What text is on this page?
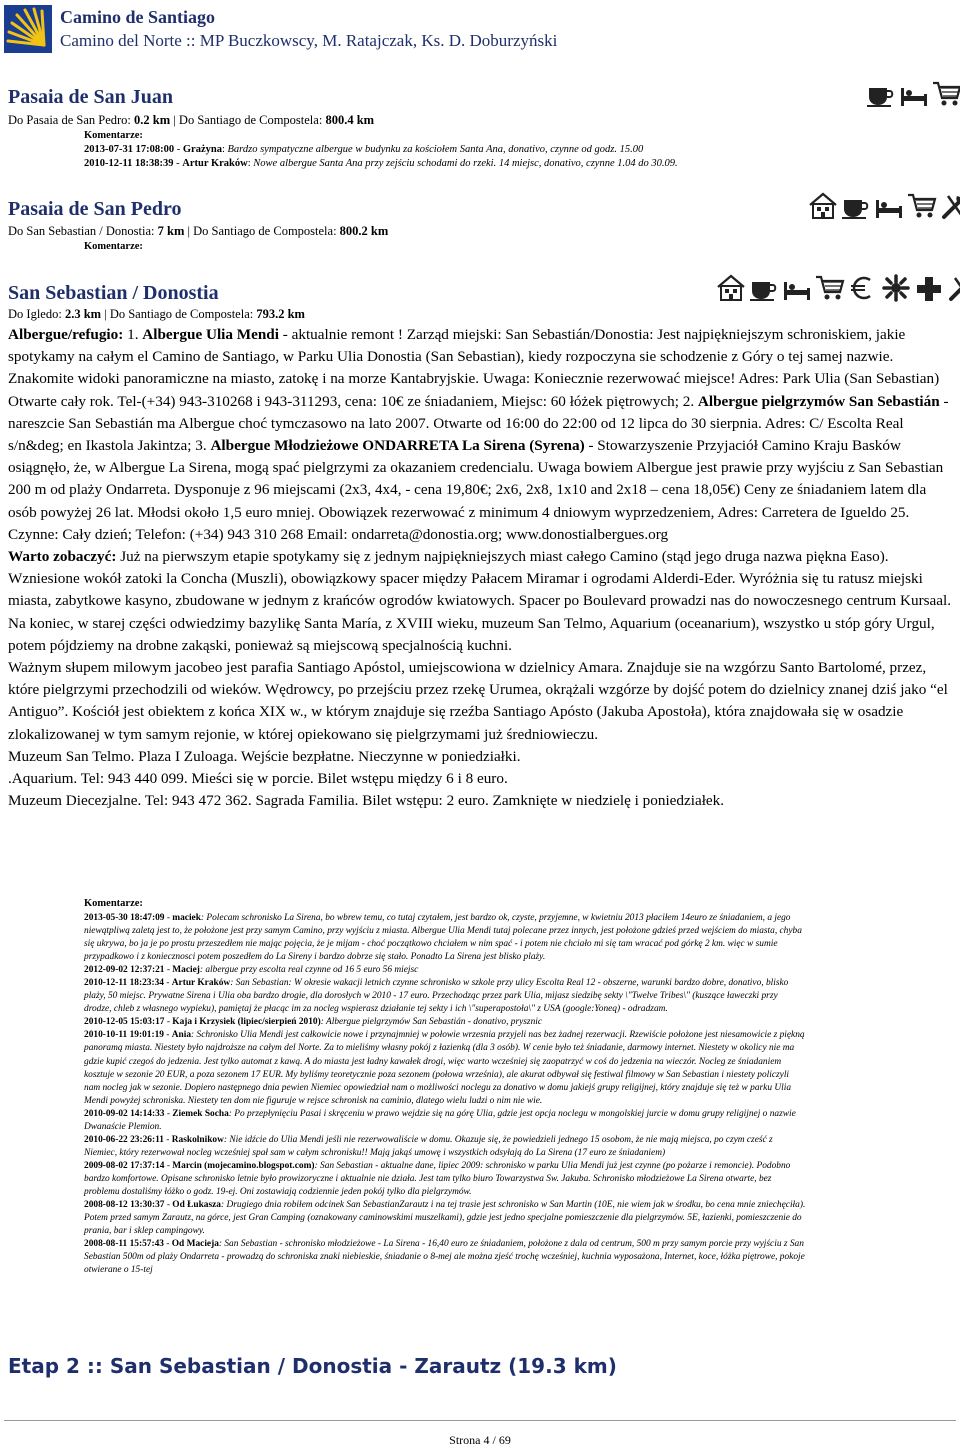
Camino de Santiago
Camino del Norte :: MP Buczkowscy, M. Ratajczak, Ks. D. Doburzyński
Pasaia de San Juan
Do Pasaia de San Pedro: 0.2 km | Do Santiago de Compostela: 800.4 km
Komentarze:
2013-07-31 17:08:00 - Grażyna: Bardzo sympatyczne albergue w budynku za kościołem Santa Ana, donativo, czynne od godz. 15.00
2010-12-11 18:38:39 - Artur Kraków: Nowe albergue Santa Ana przy zejściu schodami do rzeki. 14 miejsc, donativo, czynne 1.04 do 30.09.
Pasaia de San Pedro
Do San Sebastian / Donostia: 7 km | Do Santiago de Compostela: 800.2 km
Komentarze:
San Sebastian / Donostia
Do Igledo: 2.3 km | Do Santiago de Compostela: 793.2 km

Albergue/refugio: 1. Albergue Ulia Mendi - aktualnie remont ! Zarząd miejski: San Sebastián/Donostia: Jest najpiękniejszym schroniskiem, jakie spotykamy na całym el Camino de Santiago, w Parku Ulia Donostia (San Sebastian), kiedy rozpoczyna sie schodzenie z Góry o tej samej nazwie. Znakomite widoki panoramiczne na miasto, zatokę i na morze Kantabryjskie. Uwaga: Koniecznie rezerwować miejsce! Adres: Park Ulia (San Sebastian) Otwarte cały rok. Tel-(+34) 943-310268 i 943-311293, cena: 10€ ze śniadaniem, Miejsc: 60 łóżek piętrowych; 2. Albergue pielgrzymów San Sebastián - nareszcie San Sebastián ma Albergue choć tymczasowo na lato 2007. Otwarte od 16:00 do 22:00 od 12 lipca do 30 sierpnia. Adres: C/ Escolta Real s/n&deg; en Ikastola Jakintza; 3. Albergue Młodzieżowe ONDARRETA La Sirena (Syrena) - Stowarzyszenie Przyjaciół Camino Kraju Basków osiągnęło, że, w Albergue La Sirena, mogą spać pielgrzymi za okazaniem credencialu. Uwaga bowiem Albergue jest prawie przy wyjściu z San Sebastian 200 m od plaży Ondarreta. Dysponuje z 96 miejscami (2x3, 4x4, - cena 19,80€; 2x6, 2x8, 1x10 and 2x18 – cena 18,05€) Ceny ze śniadaniem latem dla osób powyżej 26 lat. Młodsi około 1,5 euro mniej. Obowiązek rezerwować z minimum 4 dniowym wyprzedzeniem, Adres: Carretera de Igueldo 25. Czynne: Cały dzień; Telefon: (+34) 943 310 268 Email: ondarreta@donostia.org; www.donostialbergues.org

Warto zobaczyć: Już na pierwszym etapie spotykamy się z jednym najpiękniejszych miast całego Camino (stąd jego druga nazwa piękna Easo). Wzniesione wokół zatoki la Concha (Muszli), obowiązkowy spacer między Pałacem Miramar i ogrodami Alderdi-Eder. Wyróżnia się tu ratusz miejski miasta, zabytkowe kasyno, zbudowane w jednym z krańców ogrodów kwiatowych. Spacer po Boulevard prowadzi nas do nowoczesnego centrum Kursaal. Na koniec, w starej części odwiedzimy bazylikę Santa María, z XVIII wieku, muzeum San Telmo, Aquarium (oceanarium), wszystko u stóp góry Urgul, potem pójdziemy na drobne zakąski, ponieważ są miejscową specjalnością kuchni.

Ważnym słupem milowym jacobeo jest parafia Santiago Apóstol, umiejscowiona w dzielnicy Amara. Znajduje sie na wzgórzu Santo Bartolomé, przez, które pielgrzymi przechodzili od wieków. Wędrowcy, po przejściu przez rzekę Urumea, okrążali wzgórze by dojść potem do dzielnicy znanej dziś jako “el Antiguo”. Kościół jest obiektem z końca XIX w., w którym znajduje się rzeźba Santiago Apósto (Jakuba Apostoła), która znajdowała się w osadzie zlokalizowanej w tym samym rejonie, w której opiekowano się pielgrzymami już średniowieczu.

Muzeum San Telmo. Plaza I Zuloaga. Wejście bezpłatne. Nieczynne w poniedziałki.

.Aquarium. Tel: 943 440 099. Mieści się w porcie. Bilet wstępu między 6 i 8 euro.

Muzeum Diecezjalne. Tel: 943 472 362. Sagrada Familia. Bilet wstępu: 2 euro. Zamknięte w niedzielę i poniedziałek.

Komentarze:

2013-05-30 18:47:09 - maciek: Polecam schronisko La Sirena, bo wbrew temu, co tutaj czytałem, jest bardzo ok, czyste, przyjemne, w kwietniu 2013 płaciłem 14euro ze śniadaniem, a jego niewątpliwą zaletą jest to, że położone jest przy samym Camino, przy wyjściu z miasta. Albergue Ulia Mendi tutaj polecane przez innych, jest położone gdzieś przed wejściem do miasta, chyba się ukrywa, bo ja je po prostu przeszedłem nie mając pojęcia, że je mijam - choć początkowo chciałem w nim spać - i potem nie chciało mi się tam wracać pod górkę 2 km. więc w sumie przypadkowo i z koniecznosci potem poszedłem do La Sireny i bardzo dobrze się stało. Ponadto La Sirena jest blisko plaży.

2012-09-02 12:37:21 - Maciej: albergue przy escolta real czynne od 16 5 euro 56 miejsc

2010-12-11 18:23:34 - Artur Kraków: San Sebastian: W okresie wakacji letnich czynne schronisko w szkole przy ulicy Escolta Real 12 - obszerne, warunki bardzo dobre, donativo, blisko plaży, 50 miejsc. Prywatne Sirena i Ulia oba bardzo drogie, dla dorosłych w 2010 - 17 euro. Przechodząc przez park Ulia, mijasz siedzibę sekty \"Twelve Tribes\" (kuszące ławeczki przy drodze, chleb z własnego wypieku), pamiętaj że płacąc im za nocleg wspierasz działanie tej sekty i ich \"superapostoła\" z USA (google:Yoneq) - odradzam.

2010-12-05 15:03:17 - Kaja i Krzysiek (lipiec/sierpień 2010): Albergue pielgrzymów San Sebastián - donativo, prysznic

2010-10-11 19:01:19 - Ania: Schronisko Ulia Mendi jest całkowicie nowe i przynajmniej w połowie wrzesnia przyjeli nas bez żadnej rezerwacji. Rzewiście położone jest niesamowicie z piękną panoramą miasta. Niestety było najdroższe na całym del Norte. Za to mieliśmy własny pokój z łazienką (dla 3 osób). W cenie było też śniadanie, darmowy internet. Niestety w okolicy nie ma gdzie kupić czegoś do jedzenia. Jest tylko automat z kawą. A do miasta jest ładny kawałek drogi, więc warto wcześniej się zaopatrzyć w coś do jedzenia na wieczór. Nocleg ze śniadaniem kosztuje w sezonie 20 EUR, a poza sezonem 17 EUR. My byliśmy teoretycznie poza sezonem (połowa września), ale akurat odbywał się festiwal filmowy w San Sebastian i niestety policzyli nam nocleg jak w sezonie. Dopiero następnego dnia pewien Niemiec opowiedział nam o możliwości noclegu za donativo w domu jakiejś grupy religijnej, który znajduje się też w parku Ulia Mendi powyżej schroniska. Niestety ten dom nie figuruje w rejsce schronisk na caminio, dlatego wielu ludzi o nim nie wie.

2010-09-02 14:14:33 - Ziemek Socha: Po przepłynięciu Pasai i skręceniu w prawo wejdzie się na górę Ulia, gdzie jest opcja noclegu w mongolskiej jurcie w domu grupy religijnej o nazwie Dwanaście Plemion.

2010-06-22 23:26:11 - Raskolnikow: Nie idźcie do Ulia Mendi jeśli nie rezerwowaliście w domu. Okazuje się, że powiedzieli jednego 15 osobom, że nie mają miejsca, po czym cześć z Niemiec, który rezerwował nocleg wcześniej spał sam w całym schronisku!! Mają jakąś umowę i wszystkich odsyłają do La Sirena (17 euro ze śniadaniem)

2009-08-02 17:37:14 - Marcin (mojecamino.blogspot.com): San Sebastian - aktualne dane, lipiec 2009: schronisko w parku Ulia Mendi już jest czynne (po pożarze i remoncie). Podobno bardzo komfortowe. Opisane schronisko letnie było prowizoryczne i aktualnie nie działa. Jest tam tylko biuro Towarzystwa Sw. Jakuba. Schronisko młodzieżowe La Sirena otwarte, bez problemu dostaliśmy łóżko o godz. 19-ej. Oni zostawiają codziennie jeden pokój tylko dla pielgrzymów.

2008-08-12 13:30:37 - Od Łukasza: Drugiego dnia robiłem odcinek San SebastianZarautz i na tej trasie jest schronisko w San Martin (10E, nie wiem jak w środku, bo cena mnie zniechęciła). Potem przed samym Zarautz, na górce, jest Gran Camping (oznakowany caminowskimi muszelkami), gdzie jest jedno specjalne pomieszczenie dla pielgrzymów. 5E, łazienki, pomieszczenie do prania, bar i sklep campingowy.

2008-08-11 15:57:43 - Od Macieja: San Sebastian - schronisko młodzieżowe - La Sirena - 16,40 euro ze śniadaniem, położone z dala od centrum, 500 m przy samym porcie przy wyjściu z San Sebastian 500m od plaży Ondarreta - prowadzą do schroniska znaki niebieskie, śniadanie o 8-mej ale można zjeść trochę wcześniej, kuchnia wyposażona, Internet, koce, łóżka piętrowe, pokoje otwierane o 15-tej

Etap 2 :: San Sebastian / Donostia - Zarautz (19.3 km)
Strona 4 / 69
